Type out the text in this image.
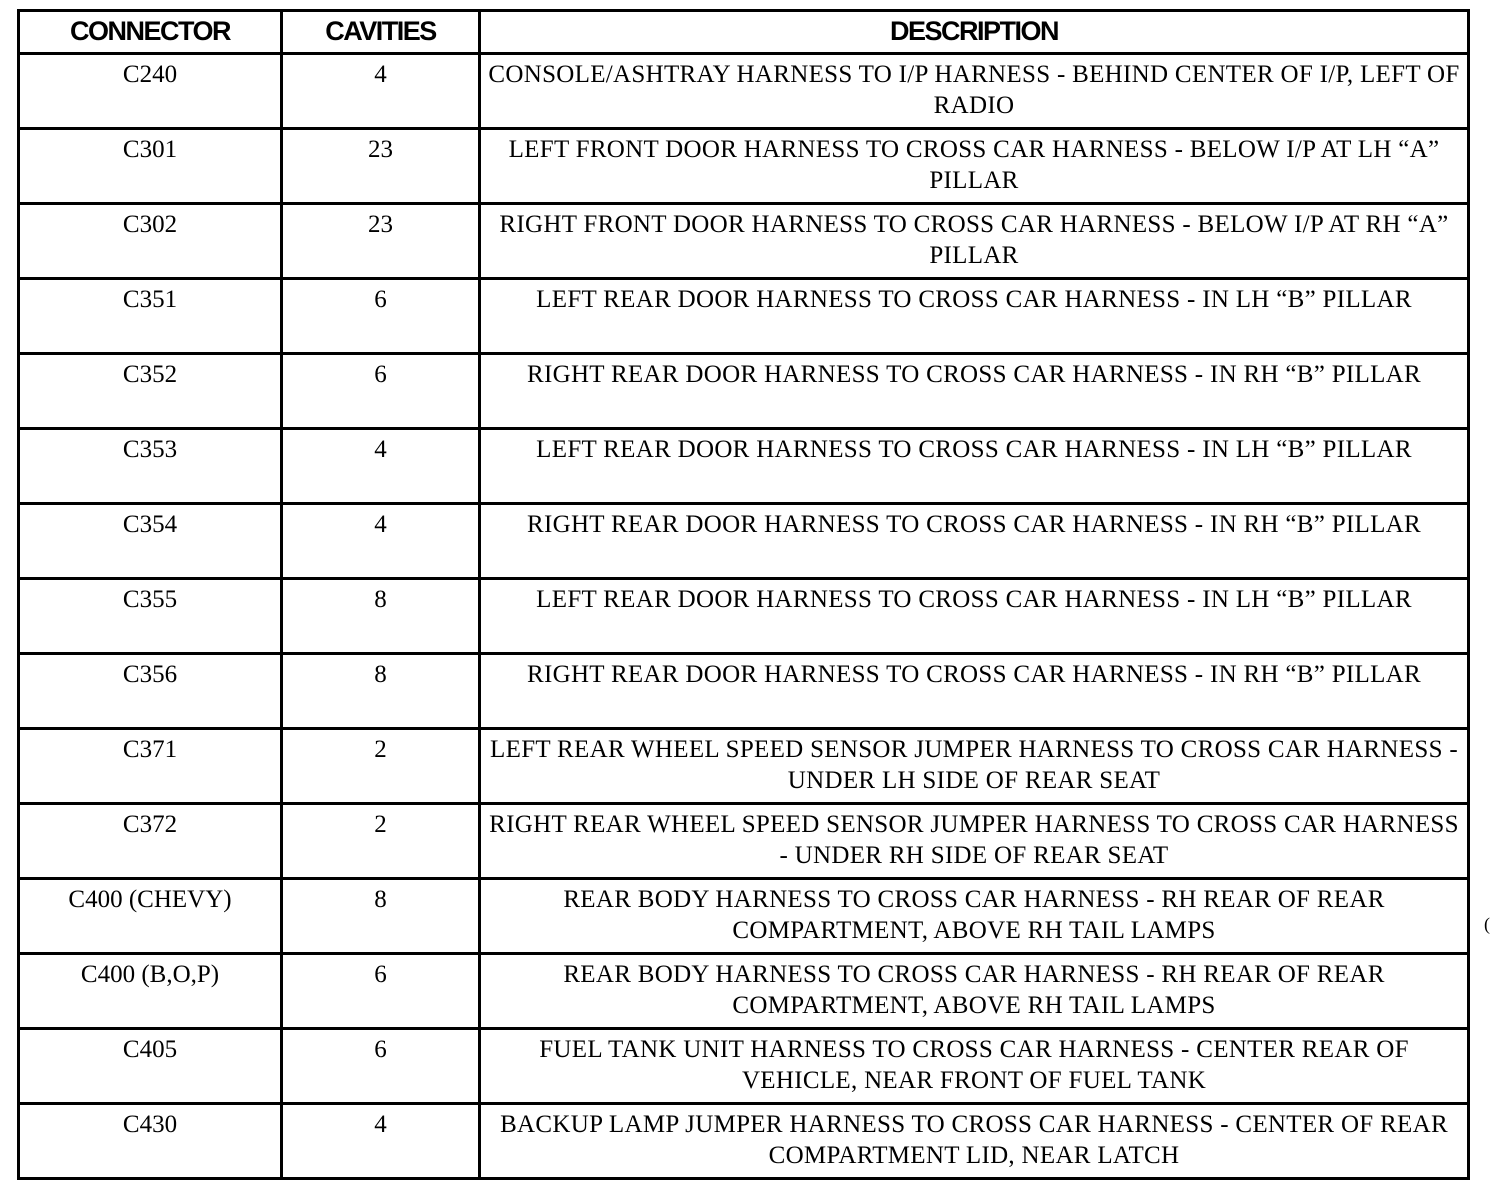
CONNECTOR	CAVITIES	DESCRIPTION
C240	4	CONSOLE/ASHTRAY HARNESS TO I/P HARNESS - BEHIND CENTER OF I/P, LEFT OF RADIO
C301	23	LEFT FRONT DOOR HARNESS TO CROSS CAR HARNESS - BELOW I/P AT LH “A” PILLAR
C302	23	RIGHT FRONT DOOR HARNESS TO CROSS CAR HARNESS - BELOW I/P AT RH “A” PILLAR
C351	6	LEFT REAR DOOR HARNESS TO CROSS CAR HARNESS - IN LH “B” PILLAR
C352	6	RIGHT REAR DOOR HARNESS TO CROSS CAR HARNESS - IN RH “B” PILLAR
C353	4	LEFT REAR DOOR HARNESS TO CROSS CAR HARNESS - IN LH “B” PILLAR
C354	4	RIGHT REAR DOOR HARNESS TO CROSS CAR HARNESS - IN RH “B” PILLAR
C355	8	LEFT REAR DOOR HARNESS TO CROSS CAR HARNESS - IN LH “B” PILLAR
C356	8	RIGHT REAR DOOR HARNESS TO CROSS CAR HARNESS - IN RH “B” PILLAR
C371	2	LEFT REAR WHEEL SPEED SENSOR JUMPER HARNESS TO CROSS CAR HARNESS - UNDER LH SIDE OF REAR SEAT
C372	2	RIGHT REAR WHEEL SPEED SENSOR JUMPER HARNESS TO CROSS CAR HARNESS - UNDER RH SIDE OF REAR SEAT
C400 (CHEVY)	8	REAR BODY HARNESS TO CROSS CAR HARNESS - RH REAR OF REAR COMPARTMENT, ABOVE RH TAIL LAMPS
C400 (B,O,P)	6	REAR BODY HARNESS TO CROSS CAR HARNESS - RH REAR OF REAR COMPARTMENT, ABOVE RH TAIL LAMPS
C405	6	FUEL TANK UNIT HARNESS TO CROSS CAR HARNESS - CENTER REAR OF VEHICLE, NEAR FRONT OF FUEL TANK
C430	4	BACKUP LAMP JUMPER HARNESS TO CROSS CAR HARNESS - CENTER OF REAR COMPARTMENT LID, NEAR LATCH
(
